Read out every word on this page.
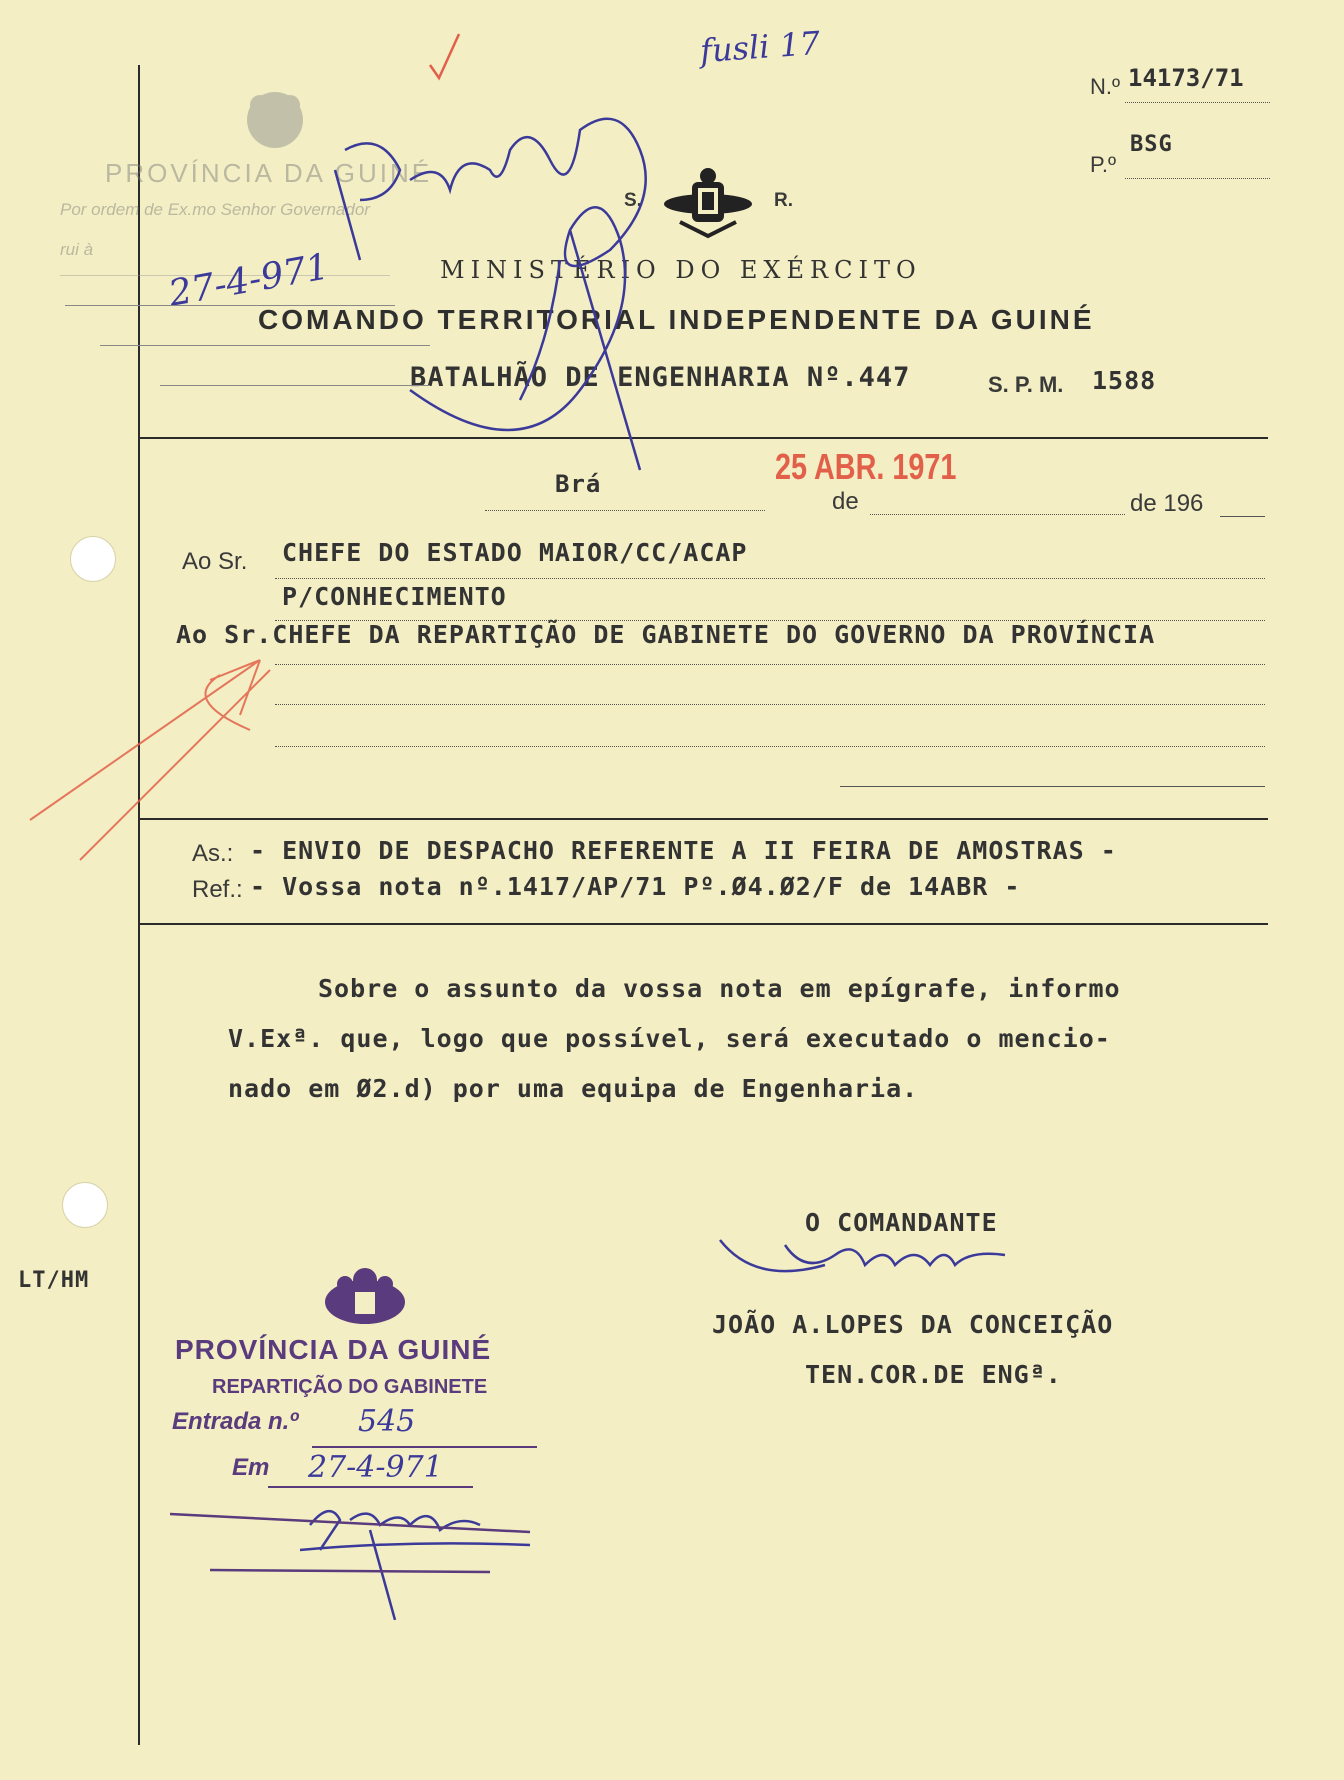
PROVÍNCIA DA GUINÉ
Por ordem de Ex.mo Senhor Governador
rui à
fusli 17
N.º 14173/71
P.º
BSG
S.	R.
MINISTÉRIO DO EXÉRCITO
COMANDO TERRITORIAL INDEPENDENTE DA GUINÉ
BATALHÃO DE ENGENHARIA Nº.447	S. P. M. 1588
27-4-971
Brá	25 ABR. 1971
de	de 196
Ao Sr. CHEFE DO ESTADO MAIOR/CC/ACAP
P/CONHECIMENTO
Ao Sr.CHEFE DA REPARTIÇÃO DE GABINETE DO GOVERNO DA PROVÍNCIA
As.: - ENVIO DE DESPACHO REFERENTE A II FEIRA DE AMOSTRAS -
Ref.: - Vossa nota nº.1417/AP/71 Pº.Ø4.Ø2/F de 14ABR -
Sobre o assunto da vossa nota em epígrafe, informo
V.Exª. que, logo que possível, será executado o mencio-
nado em Ø2.d) por uma equipa de Engenharia.
O COMANDANTE
JOÃO A.LOPES DA CONCEIÇÃO
TEN.COR.DE ENGª.
LT/HM
PROVÍNCIA DA GUINÉ
REPARTIÇÃO DO GABINETE
Entrada n.º 545
Em 27-4-971
